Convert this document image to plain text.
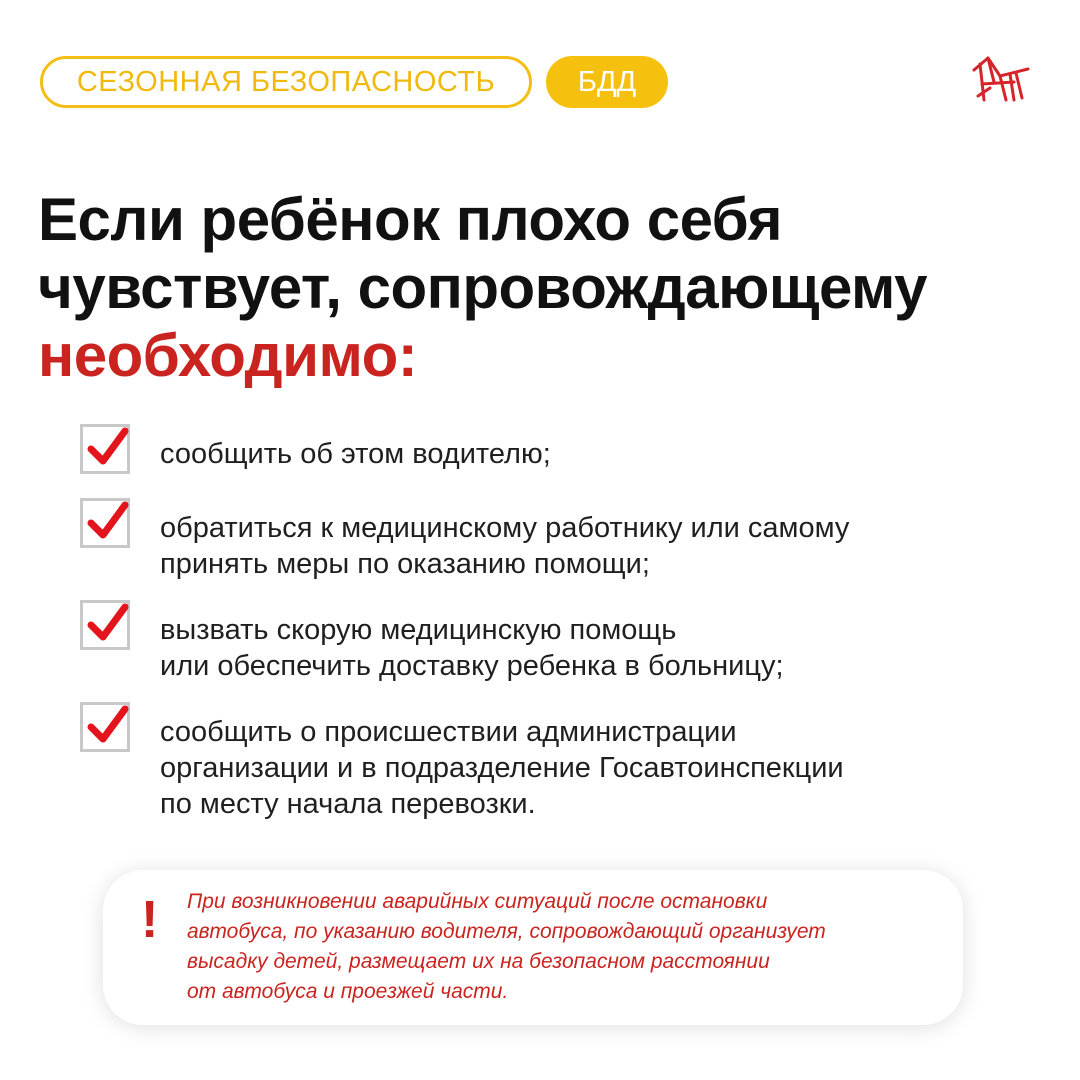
СЕЗОННАЯ БЕЗОПАСНОСТЬ	БДД
Если ребёнок плохо себя
чувствует, сопровождающему
необходимо:

сообщить об этом водителю;

обратиться к медицинскому работнику или самому
принять меры по оказанию помощи;

вызвать скорую медицинскую помощь
или обеспечить доставку ребенка в больницу;

сообщить о происшествии администрации
организации и в подразделение Госавтоинспекции
по месту начала перевозки.

! При возникновении аварийных ситуаций после остановки
автобуса, по указанию водителя, сопровождающий организует
высадку детей, размещает их на безопасном расстоянии
от автобуса и проезжей части.
